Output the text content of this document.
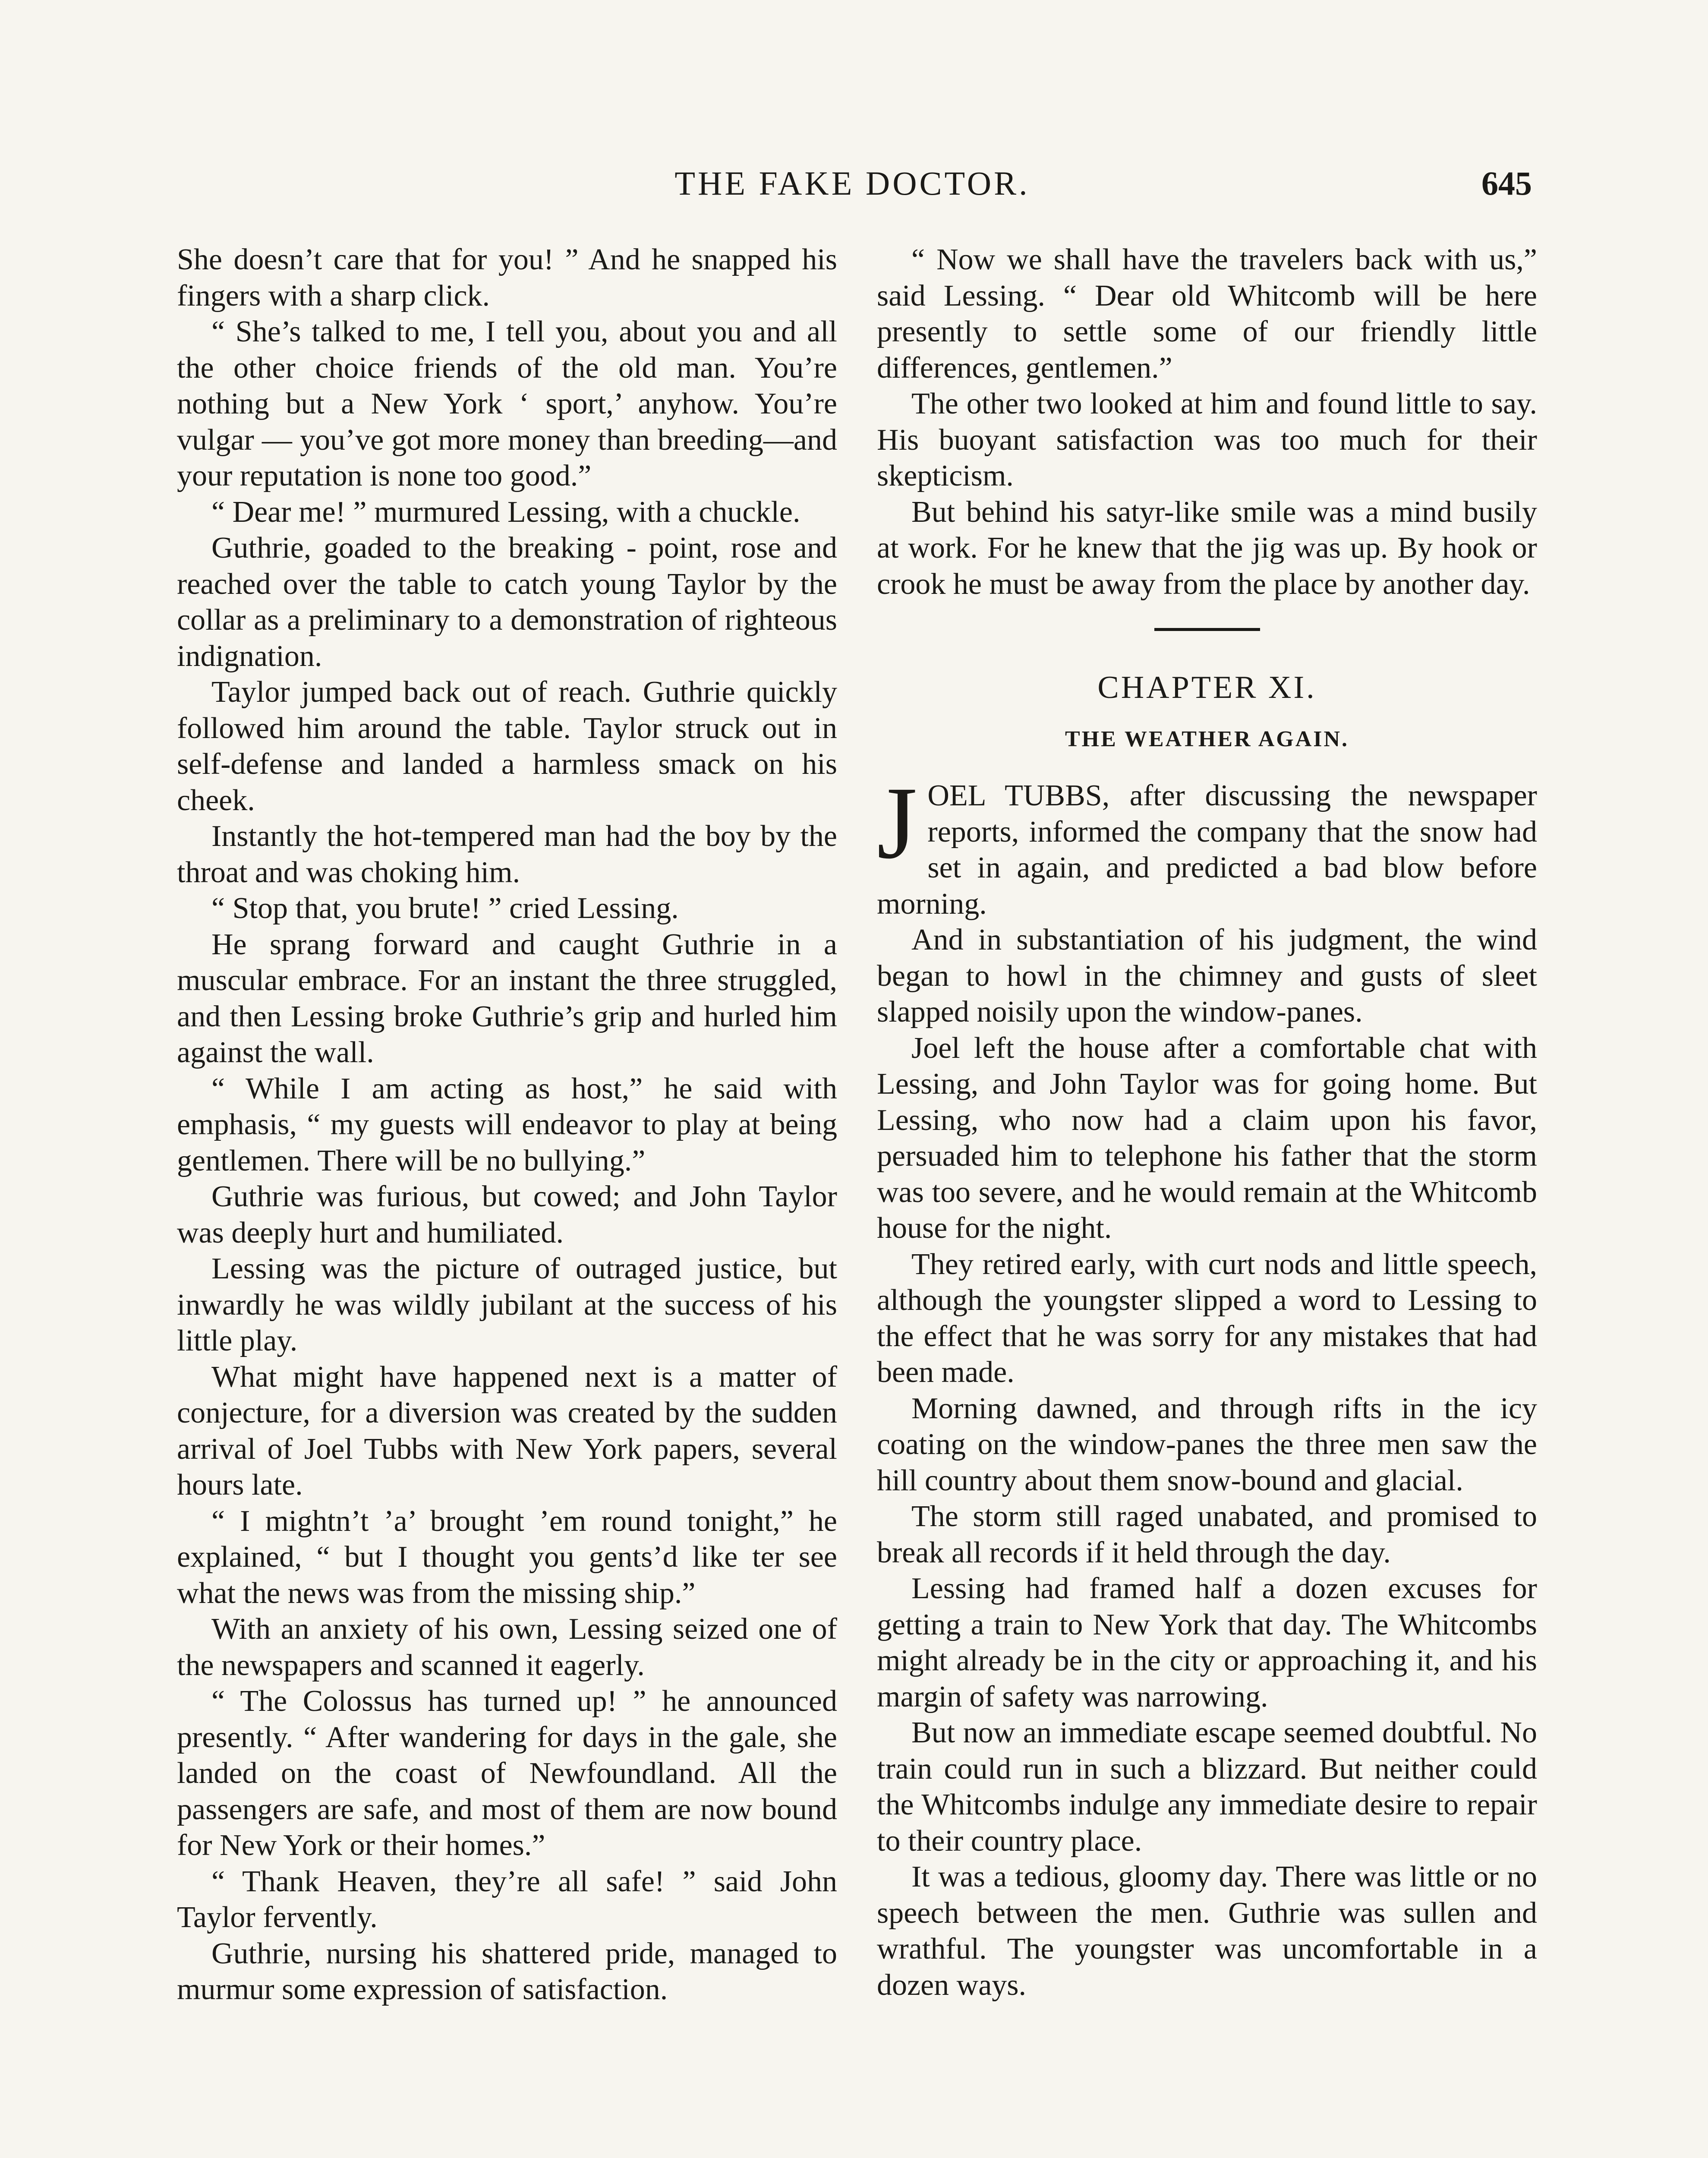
THE FAKE DOCTOR.	645

She doesn’t care that for you! ” And he snapped his fingers with a sharp click.

“ She’s talked to me, I tell you, about you and all the other choice friends of the old man. You’re nothing but a New York ‘ sport,’ anyhow. You’re vulgar — you’ve got more money than breeding—and your reputation is none too good.”

“ Dear me! ” murmured Lessing, with a chuckle.

Guthrie, goaded to the breaking - point, rose and reached over the table to catch young Taylor by the collar as a preliminary to a demonstration of righteous indignation.

Taylor jumped back out of reach. Guthrie quickly followed him around the table. Taylor struck out in self-defense and landed a harmless smack on his cheek.

Instantly the hot-tempered man had the boy by the throat and was choking him.

“ Stop that, you brute! ” cried Lessing.

He sprang forward and caught Guthrie in a muscular embrace. For an instant the three struggled, and then Lessing broke Guthrie’s grip and hurled him against the wall.

“ While I am acting as host,” he said with emphasis, “ my guests will endeavor to play at being gentlemen. There will be no bullying.”

Guthrie was furious, but cowed; and John Taylor was deeply hurt and humiliated.

Lessing was the picture of outraged justice, but inwardly he was wildly jubilant at the success of his little play.

What might have happened next is a matter of conjecture, for a diversion was created by the sudden arrival of Joel Tubbs with New York papers, several hours late.

“ I mightn’t ’a’ brought ’em round tonight,” he explained, “ but I thought you gents’d like ter see what the news was from the missing ship.”

With an anxiety of his own, Lessing seized one of the newspapers and scanned it eagerly.

“ The Colossus has turned up! ” he announced presently. “ After wandering for days in the gale, she landed on the coast of Newfoundland. All the passengers are safe, and most of them are now bound for New York or their homes.”

“ Thank Heaven, they’re all safe! ” said John Taylor fervently.

Guthrie, nursing his shattered pride, managed to murmur some expression of satisfaction.

“ Now we shall have the travelers back with us,” said Lessing. “ Dear old Whitcomb will be here presently to settle some of our friendly little differences, gentlemen.”

The other two looked at him and found little to say. His buoyant satisfaction was too much for their skepticism.

But behind his satyr-like smile was a mind busily at work. For he knew that the jig was up. By hook or crook he must be away from the place by another day.

CHAPTER XI.
THE WEATHER AGAIN.

JOEL TUBBS, after discussing the newspaper reports, informed the company that the snow had set in again, and predicted a bad blow before morning.

And in substantiation of his judgment, the wind began to howl in the chimney and gusts of sleet slapped noisily upon the window-panes.

Joel left the house after a comfortable chat with Lessing, and John Taylor was for going home. But Lessing, who now had a claim upon his favor, persuaded him to telephone his father that the storm was too severe, and he would remain at the Whitcomb house for the night.

They retired early, with curt nods and little speech, although the youngster slipped a word to Lessing to the effect that he was sorry for any mistakes that had been made.

Morning dawned, and through rifts in the icy coating on the window-panes the three men saw the hill country about them snow-bound and glacial.

The storm still raged unabated, and promised to break all records if it held through the day.

Lessing had framed half a dozen excuses for getting a train to New York that day. The Whitcombs might already be in the city or approaching it, and his margin of safety was narrowing.

But now an immediate escape seemed doubtful. No train could run in such a blizzard. But neither could the Whitcombs indulge any immediate desire to repair to their country place.

It was a tedious, gloomy day. There was little or no speech between the men. Guthrie was sullen and wrathful. The youngster was uncomfortable in a dozen ways.
